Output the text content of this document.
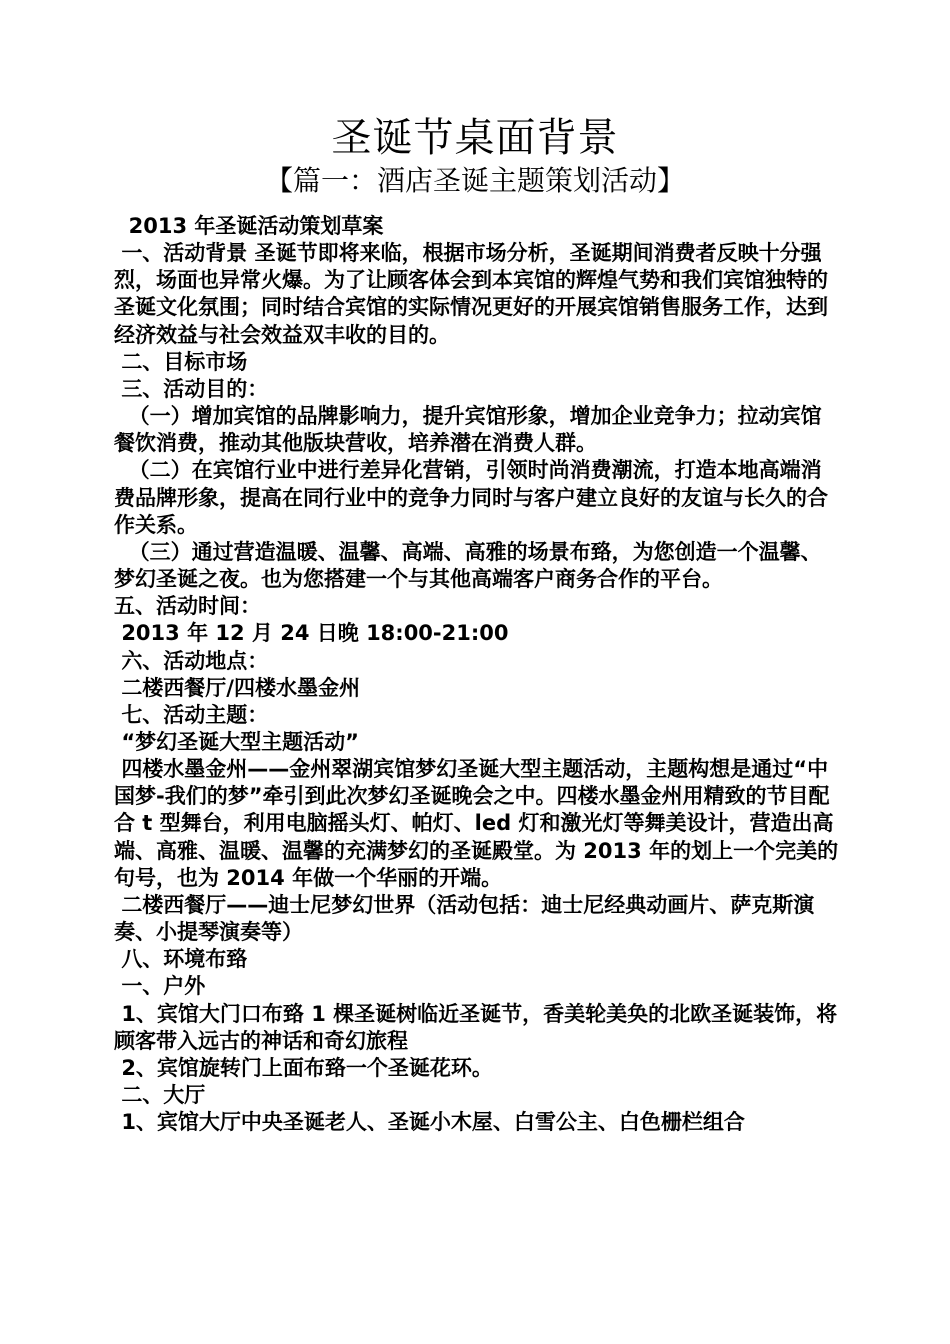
圣诞节桌面背景
【篇一：酒店圣诞主题策划活动】

2013 年圣诞活动策划草案

一、活动背景 圣诞节即将来临，根据市场分析，圣诞期间消费者反映十分强烈，场面也异常火爆。为了让顾客体会到本宾馆的辉煌气势和我们宾馆独特的圣诞文化氛围；同时结合宾馆的实际情况更好的开展宾馆销售服务工作，达到经济效益与社会效益双丰收的目的。

二、目标市场

三、活动目的：

（一）增加宾馆的品牌影响力，提升宾馆形象，增加企业竞争力；拉动宾馆餐饮消费，推动其他版块营收，培养潜在消费人群。

（二）在宾馆行业中进行差异化营销，引领时尚消费潮流，打造本地高端消费品牌形象，提高在同行业中的竞争力同时与客户建立良好的友谊与长久的合作关系。

（三）通过营造温暖、温馨、高端、高雅的场景布臵，为您创造一个温馨、梦幻圣诞之夜。也为您搭建一个与其他高端客户商务合作的平台。

五、活动时间：

2013 年 12 月 24 日晚 18:00-21:00

六、活动地点：

二楼西餐厅/四楼水墨金州

七、活动主题：

“梦幻圣诞大型主题活动”

四楼水墨金州——金州翠湖宾馆梦幻圣诞大型主题活动，主题构想是通过“中国梦-我们的梦”牵引到此次梦幻圣诞晚会之中。四楼水墨金州用精致的节目配合 t 型舞台，利用电脑摇头灯、帕灯、led 灯和激光灯等舞美设计，营造出高端、高雅、温暖、温馨的充满梦幻的圣诞殿堂。为 2013 年的划上一个完美的句号，也为 2014 年做一个华丽的开端。

二楼西餐厅——迪士尼梦幻世界（活动包括：迪士尼经典动画片、萨克斯演奏、小提琴演奏等）

八、环境布臵

一、户外

1、宾馆大门口布臵 1 棵圣诞树临近圣诞节，香美轮美奂的北欧圣诞装饰，将顾客带入远古的神话和奇幻旅程

2、宾馆旋转门上面布臵一个圣诞花环。

二、大厅

1、宾馆大厅中央圣诞老人、圣诞小木屋、白雪公主、白色栅栏组合
